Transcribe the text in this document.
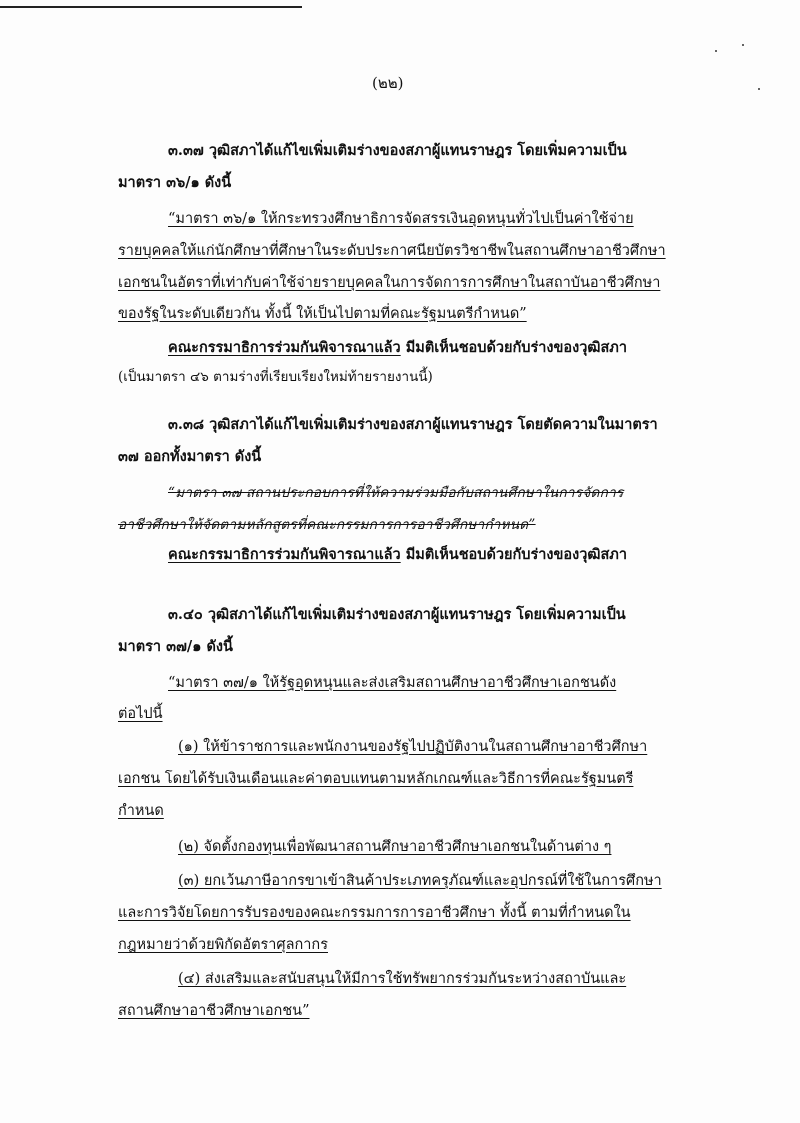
(๒๒)
๓.๓๗ วุฒิสภาได้แก้ไขเพิ่มเติมร่างของสภาผู้แทนราษฎร โดยเพิ่มความเป็น
มาตรา ๓๖/๑ ดังนี้
“มาตรา ๓๖/๑ ให้กระทรวงศึกษาธิการจัดสรรเงินอุดหนุนทั่วไปเป็นค่าใช้จ่าย
รายบุคคลให้แก่นักศึกษาที่ศึกษาในระดับประกาศนียบัตรวิชาชีพในสถานศึกษาอาชีวศึกษา
เอกชนในอัตราที่เท่ากับค่าใช้จ่ายรายบุคคลในการจัดการการศึกษาในสถาบันอาชีวศึกษา
ของรัฐในระดับเดียวกัน ทั้งนี้ ให้เป็นไปตามที่คณะรัฐมนตรีกำหนด”
คณะกรรมาธิการร่วมกันพิจารณาแล้ว มีมติเห็นชอบด้วยกับร่างของวุฒิสภา
(เป็นมาตรา ๔๖ ตามร่างที่เรียบเรียงใหม่ท้ายรายงานนี้)
๓.๓๘ วุฒิสภาได้แก้ไขเพิ่มเติมร่างของสภาผู้แทนราษฎร โดยตัดความในมาตรา
๓๗ ออกทั้งมาตรา ดังนี้
“มาตรา ๓๗ สถานประกอบการที่ให้ความร่วมมือกับสถานศึกษาในการจัดการ
อาชีวศึกษาให้จัดตามหลักสูตรที่คณะกรรมการการอาชีวศึกษากำหนด”
คณะกรรมาธิการร่วมกันพิจารณาแล้ว มีมติเห็นชอบด้วยกับร่างของวุฒิสภา
๓.๔๐ วุฒิสภาได้แก้ไขเพิ่มเติมร่างของสภาผู้แทนราษฎร โดยเพิ่มความเป็น
มาตรา ๓๗/๑ ดังนี้
“มาตรา ๓๗/๑ ให้รัฐอุดหนุนและส่งเสริมสถานศึกษาอาชีวศึกษาเอกชนดัง
ต่อไปนี้
(๑) ให้ข้าราชการและพนักงานของรัฐไปปฏิบัติงานในสถานศึกษาอาชีวศึกษา
เอกชน โดยได้รับเงินเดือนและค่าตอบแทนตามหลักเกณฑ์และวิธีการที่คณะรัฐมนตรี
กำหนด
(๒) จัดตั้งกองทุนเพื่อพัฒนาสถานศึกษาอาชีวศึกษาเอกชนในด้านต่าง ๆ
(๓) ยกเว้นภาษีอากรขาเข้าสินค้าประเภทครุภัณฑ์และอุปกรณ์ที่ใช้ในการศึกษา
และการวิจัยโดยการรับรองของคณะกรรมการการอาชีวศึกษา ทั้งนี้ ตามที่กำหนดใน
กฎหมายว่าด้วยพิกัดอัตราศุลกากร
(๔) ส่งเสริมและสนับสนุนให้มีการใช้ทรัพยากรร่วมกันระหว่างสถาบันและ
สถานศึกษาอาชีวศึกษาเอกชน”
